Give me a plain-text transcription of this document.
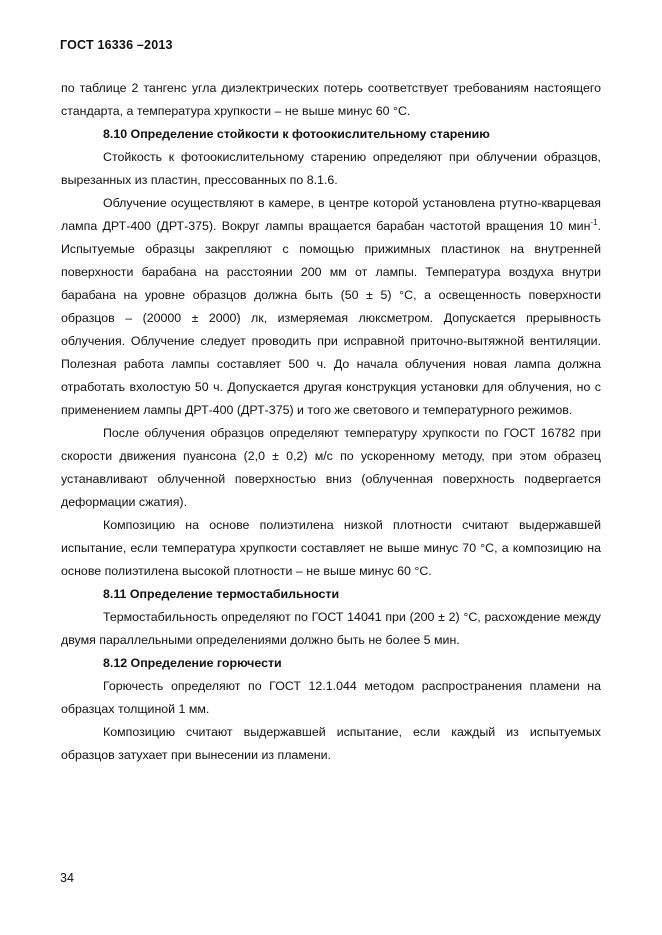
ГОСТ 16336 –2013

по таблице 2 тангенс угла диэлектрических потерь соответствует требованиям настоящего стандарта, а температура хрупкости – не выше минус 60 °С.

8.10 Определение стойкости к фотоокислительному старению

Стойкость к фотоокислительному старению определяют при облучении образцов, вырезанных из пластин, прессованных по 8.1.6.

Облучение осуществляют в камере, в центре которой установлена ртутно-кварцевая лампа ДРТ-400 (ДРТ-375). Вокруг лампы вращается барабан частотой вращения 10 мин$^{-1}$. Испытуемые образцы закрепляют с помощью прижимных пластинок на внутренней поверхности барабана на расстоянии 200 мм от лампы. Температура воздуха внутри барабана на уровне образцов должна быть (50 ± 5) °С, а освещенность поверхности образцов – (20000 ± 2000) лк, измеряемая люксметром. Допускается прерывность облучения. Облучение следует проводить при исправной приточно-вытяжной вентиляции. Полезная работа лампы составляет 500 ч. До начала облучения новая лампа должна отработать вхолостую 50 ч. Допускается другая конструкция установки для облучения, но с применением лампы ДРТ-400 (ДРТ-375) и того же светового и температурного режимов.

После облучения образцов определяют температуру хрупкости по ГОСТ 16782 при скорости движения пуансона (2,0 ± 0,2) м/с по ускоренному методу, при этом образец устанавливают облученной поверхностью вниз (облученная поверхность подвергается деформации сжатия).

Композицию на основе полиэтилена низкой плотности считают выдержавшей испытание, если температура хрупкости составляет не выше минус 70 °С, а композицию на основе полиэтилена высокой плотности – не выше минус 60 °С.

8.11 Определение термостабильности

Термостабильность определяют по ГОСТ 14041 при (200 ± 2) °С, расхождение между двумя параллельными определениями должно быть не более 5 мин.

8.12 Определение горючести

Горючесть определяют по ГОСТ 12.1.044 методом распространения пламени на образцах толщиной 1 мм.

Композицию считают выдержавшей испытание, если каждый из испытуемых образцов затухает при вынесении из пламени.

34
